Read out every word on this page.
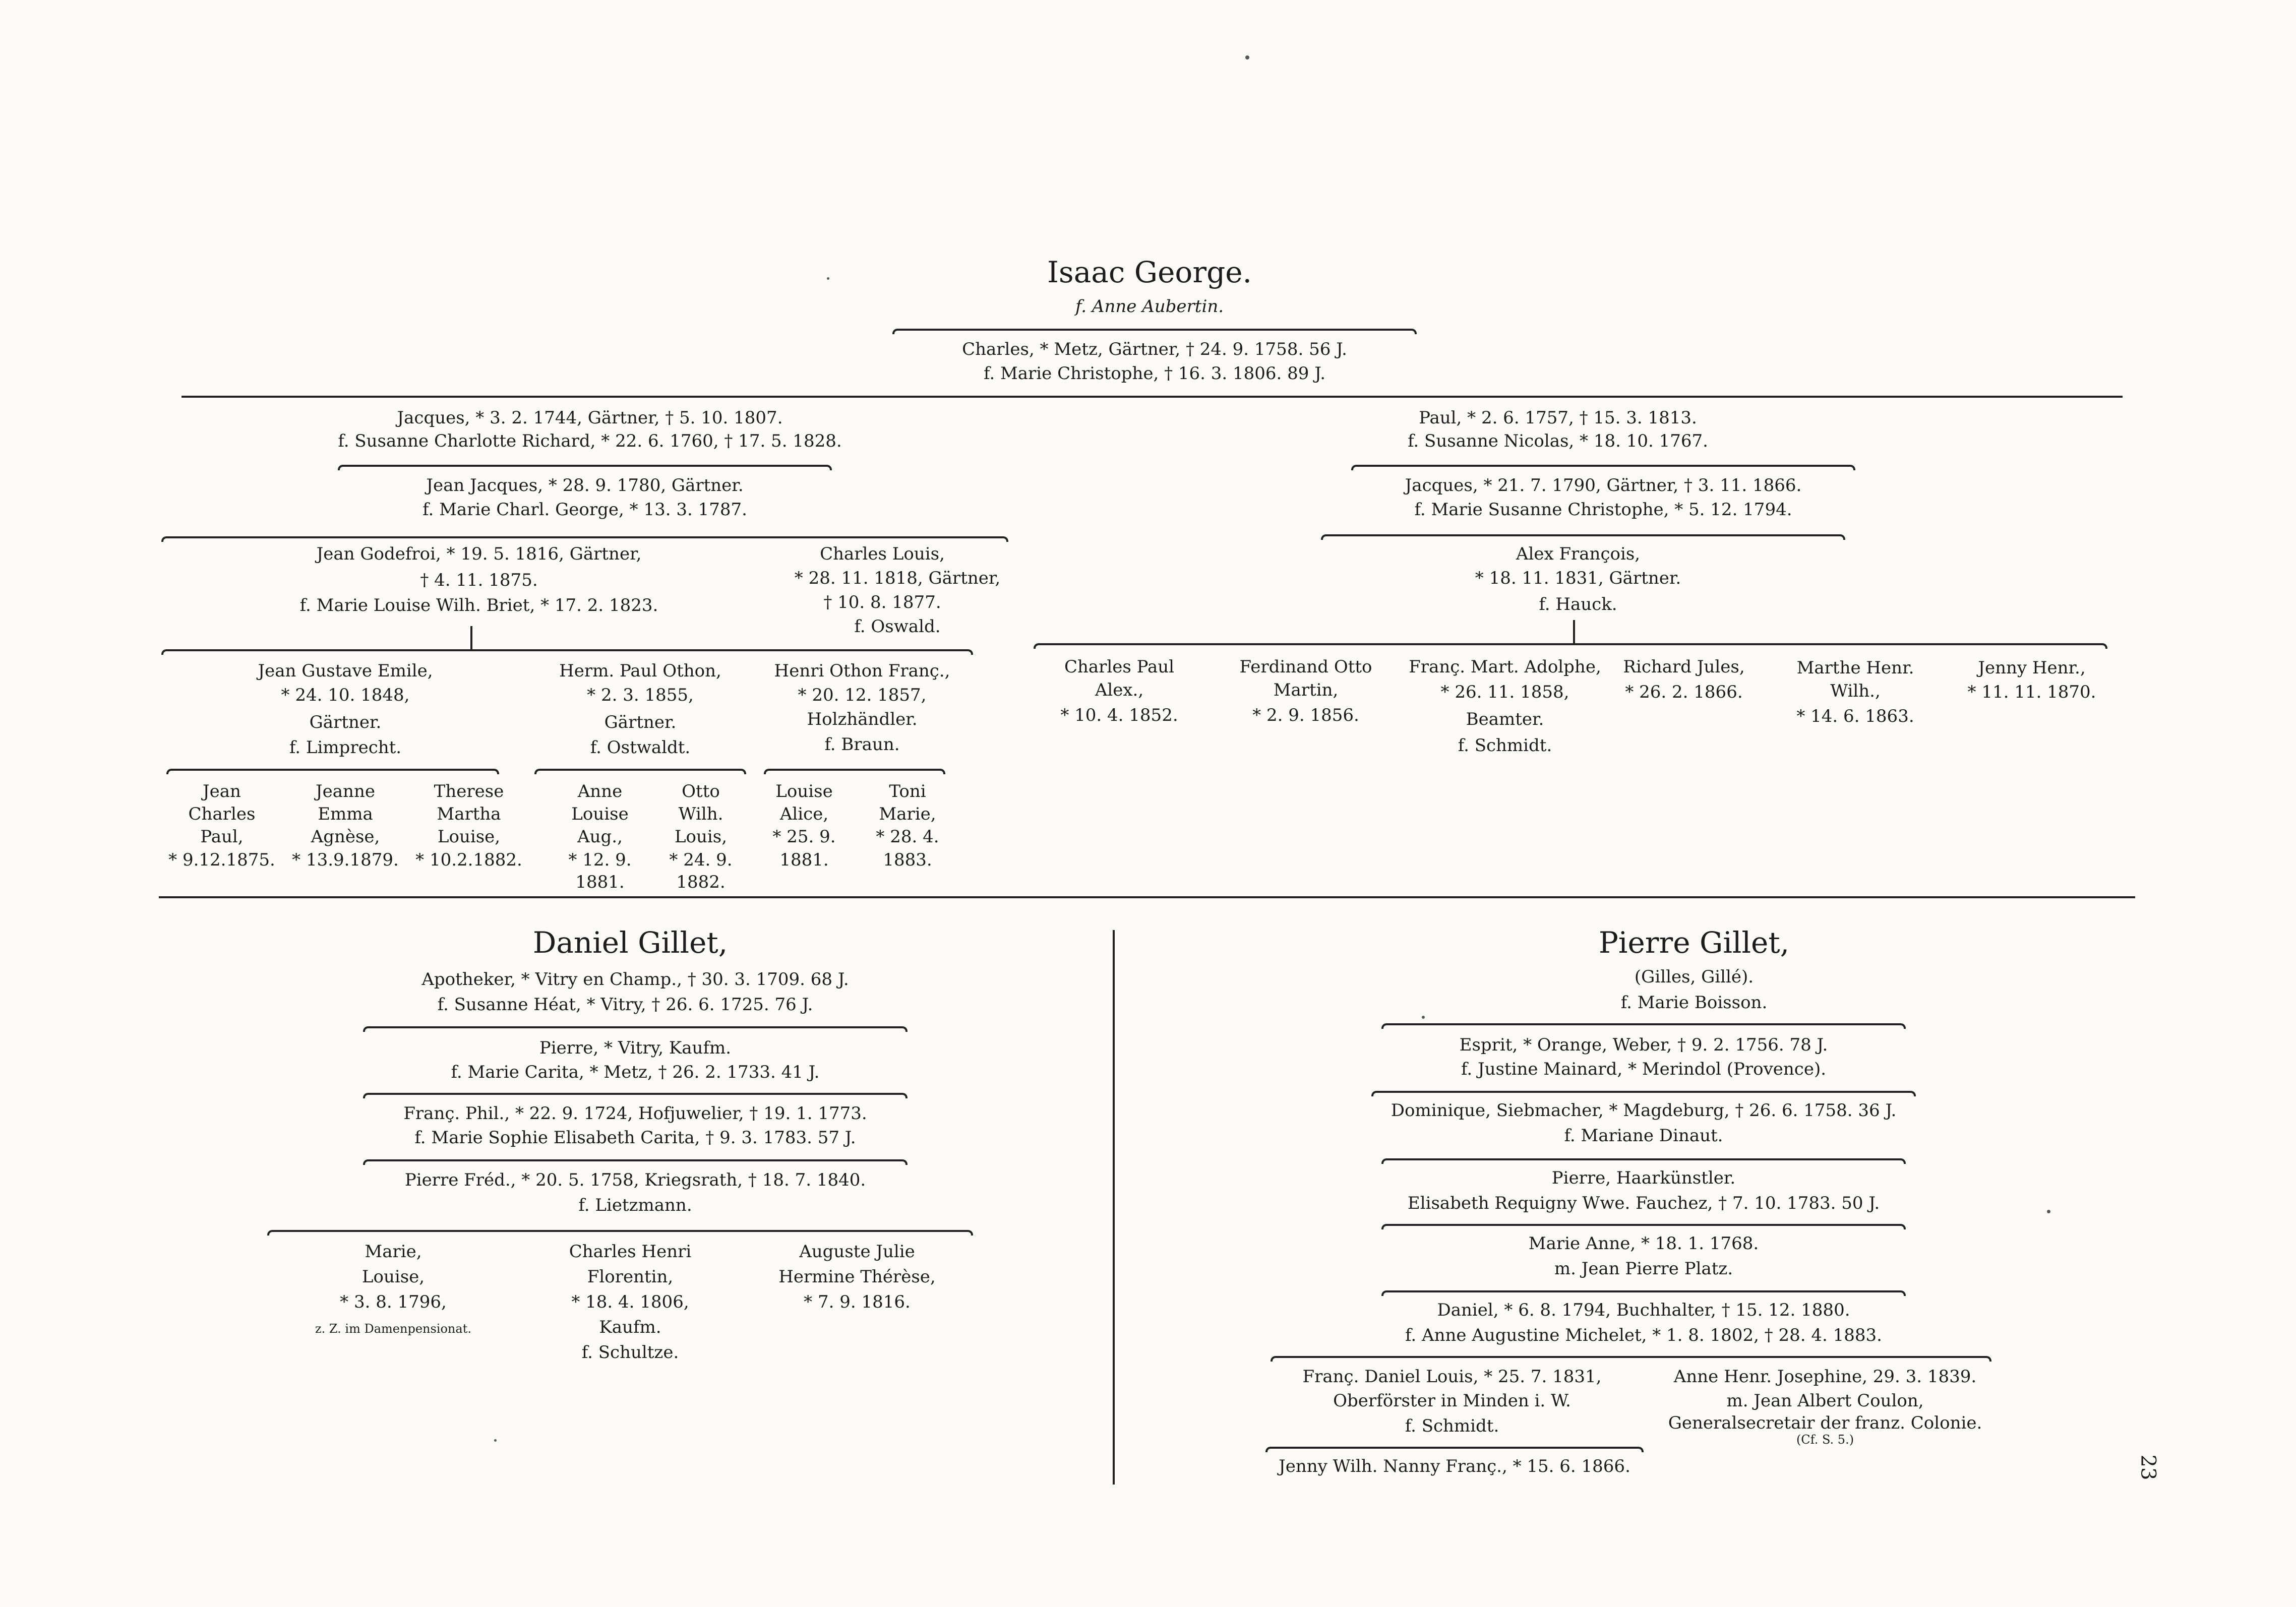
Isaac George.
f. Anne Aubertin.
Charles, * Metz, Gärtner, † 24. 9. 1758. 56 J.
f. Marie Christophe, † 16. 3. 1806. 89 J.
Jacques, * 3. 2. 1744, Gärtner, † 5. 10. 1807.
f. Susanne Charlotte Richard, * 22. 6. 1760, † 17. 5. 1828.
Jean Jacques, * 28. 9. 1780, Gärtner.
f. Marie Charl. George, * 13. 3. 1787.
Jean Godefroi, * 19. 5. 1816, Gärtner,
† 4. 11. 1875.
f. Marie Louise Wilh. Briet, * 17. 2. 1823.
Charles Louis,
* 28. 11. 1818, Gärtner,
† 10. 8. 1877.
f. Oswald.
Jean Gustave Emile,
* 24. 10. 1848,
Gärtner.
f. Limprecht.
Herm. Paul Othon,
* 2. 3. 1855,
Gärtner.
f. Ostwaldt.
Henri Othon Franç.,
* 20. 12. 1857,
Holzhändler.
f. Braun.
Jean
Charles
Paul,
* 9.12.1875.
Jeanne
Emma
Agnèse,
* 13.9.1879.
Therese
Martha
Louise,
* 10.2.1882.
Anne
Louise
Aug.,
* 12. 9.
1881.
Otto
Wilh.
Louis,
* 24. 9.
1882.
Louise
Alice,
* 25. 9.
1881.
Toni
Marie,
* 28. 4.
1883.
Paul, * 2. 6. 1757, † 15. 3. 1813.
f. Susanne Nicolas, * 18. 10. 1767.
Jacques, * 21. 7. 1790, Gärtner, † 3. 11. 1866.
f. Marie Susanne Christophe, * 5. 12. 1794.
Alex François,
* 18. 11. 1831, Gärtner.
f. Hauck.
Charles Paul
Alex.,
* 10. 4. 1852.
Ferdinand Otto
Martin,
* 2. 9. 1856.
Franç. Mart. Adolphe,
* 26. 11. 1858,
Beamter.
f. Schmidt.
Richard Jules,
* 26. 2. 1866.
Marthe Henr.
Wilh.,
* 14. 6. 1863.
Jenny Henr.,
* 11. 11. 1870.
Daniel Gillet,
Apotheker, * Vitry en Champ., † 30. 3. 1709. 68 J.
f. Susanne Héat, * Vitry, † 26. 6. 1725. 76 J.
Pierre, * Vitry, Kaufm.
f. Marie Carita, * Metz, † 26. 2. 1733. 41 J.
Franç. Phil., * 22. 9. 1724, Hofjuwelier, † 19. 1. 1773.
f. Marie Sophie Elisabeth Carita, † 9. 3. 1783. 57 J.
Pierre Fréd., * 20. 5. 1758, Kriegsrath, † 18. 7. 1840.
f. Lietzmann.
Marie,
Louise,
* 3. 8. 1796,
z. Z. im Damenpensionat.
Charles Henri
Florentin,
* 18. 4. 1806,
Kaufm.
f. Schultze.
Auguste Julie
Hermine Thérèse,
* 7. 9. 1816.
Pierre Gillet,
(Gilles, Gillé).
f. Marie Boisson.
Esprit, * Orange, Weber, † 9. 2. 1756. 78 J.
f. Justine Mainard, * Merindol (Provence).
Dominique, Siebmacher, * Magdeburg, † 26. 6. 1758. 36 J.
f. Mariane Dinaut.
Pierre, Haarkünstler.
Elisabeth Requigny Wwe. Fauchez, † 7. 10. 1783. 50 J.
Marie Anne, * 18. 1. 1768.
m. Jean Pierre Platz.
Daniel, * 6. 8. 1794, Buchhalter, † 15. 12. 1880.
f. Anne Augustine Michelet, * 1. 8. 1802, † 28. 4. 1883.
Franç. Daniel Louis, * 25. 7. 1831,
Oberförster in Minden i. W.
f. Schmidt.
Jenny Wilh. Nanny Franç., * 15. 6. 1866.
Anne Henr. Josephine, 29. 3. 1839.
m. Jean Albert Coulon,
Generalsecretair der franz. Colonie.
(Cf. S. 5.)
23
